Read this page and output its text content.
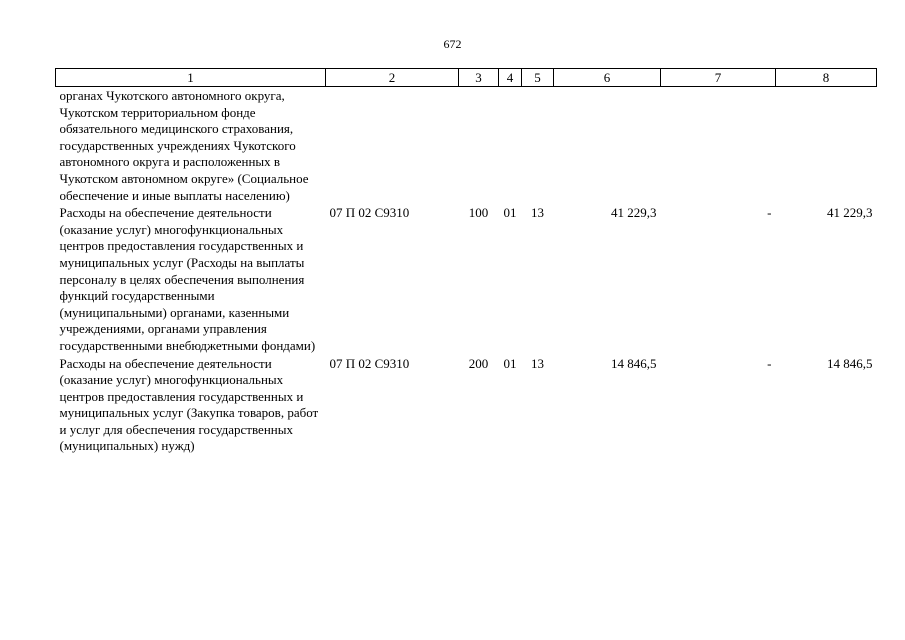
672
1	2	3	4	5	6	7	8
органах Чукотского автономного округа, Чукотском территориальном фонде обязательного медицинского страхования, государственных учреждениях Чукотского автономного округа и расположенных в Чукотском автономном округе» (Социальное обеспечение и иные выплаты населению)							
Расходы на обеспечение деятельности (оказание услуг) многофункциональных центров предоставления государственных и муниципальных услуг (Расходы на выплаты персоналу в целях обеспечения выполнения функций государственными (муниципальными) органами, казенными учреждениями, органами управления государственными внебюджетными фондами)	07 П 02 С9310	100	01	13	41 229,3	-	41 229,3
Расходы на обеспечение деятельности (оказание услуг) многофункциональных центров предоставления государственных и муниципальных услуг (Закупка товаров, работ и услуг для обеспечения государственных (муниципальных) нужд)	07 П 02 С9310	200	01	13	14 846,5	-	14 846,5
